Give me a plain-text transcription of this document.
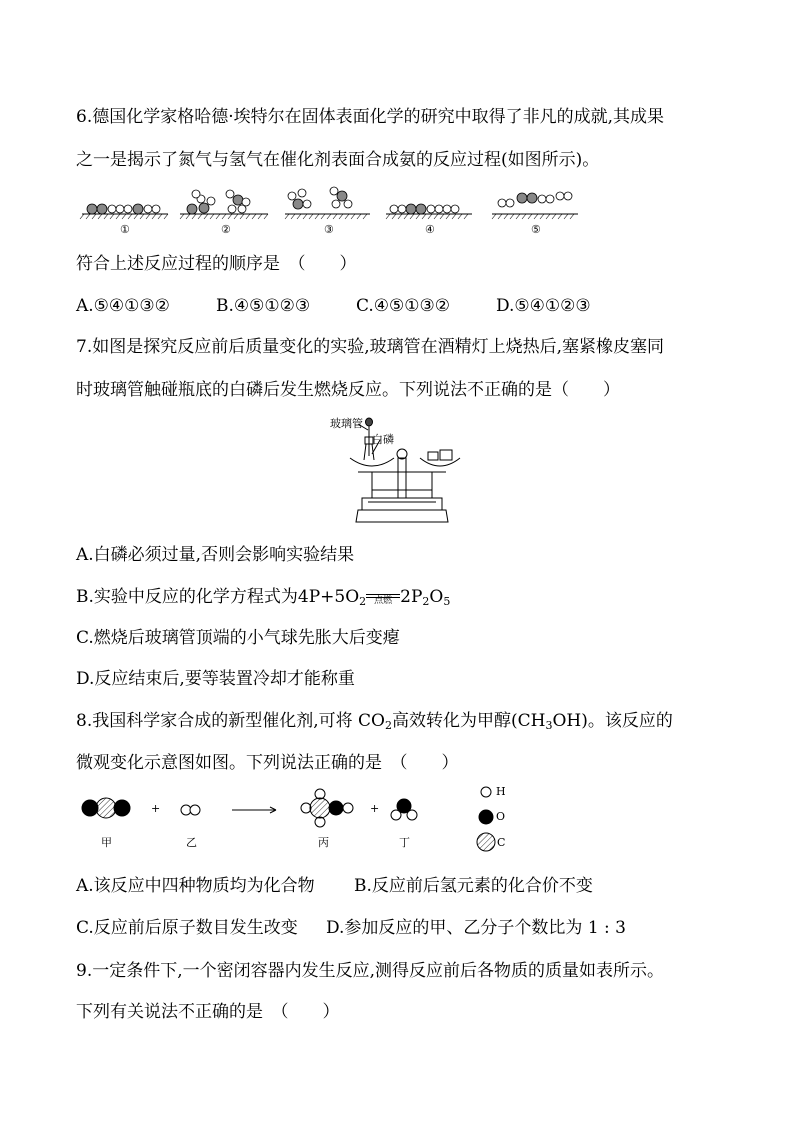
6.德国化学家格哈德·埃特尔在固体表面化学的研究中取得了非凡的成就,其成果
之一是揭示了氮气与氢气在催化剂表面合成氨的反应过程(如图所示)。
①	②	③	④	⑤
符合上述反应过程的顺序是　（　　）
A.⑤④①③②	B.④⑤①②③	C.④⑤①③②	D.⑤④①②③
7.如图是探究反应前后质量变化的实验,玻璃管在酒精灯上烧热后,塞紧橡皮塞同
时玻璃管触碰瓶底的白磷后发生燃烧反应。下列说法不正确的是（　　）
玻璃管
白磷
A.白磷必须过量,否则会影响实验结果
B.实验中反应的化学方程式为$4P+5O_2$ 点燃 $2P_2O_5$
C.燃烧后玻璃管顶端的小气球先胀大后变瘪
D.反应结束后,要等装置冷却才能称重
8.我国科学家合成的新型催化剂,可将 $CO_2$高效转化为甲醇$(CH_3OH)$。该反应的
微观变化示意图如图。下列说法正确的是　（　　）
+	+
甲	乙	丙	丁
H
O
C
A.该反应中四种物质均为化合物 B.反应前后氢元素的化合价不变
C.反应前后原子数目发生改变 D.参加反应的甲、乙分子个数比为 1 : 3
9.一定条件下,一个密闭容器内发生反应,测得反应前后各物质的质量如表所示。
下列有关说法不正确的是　（　　）
